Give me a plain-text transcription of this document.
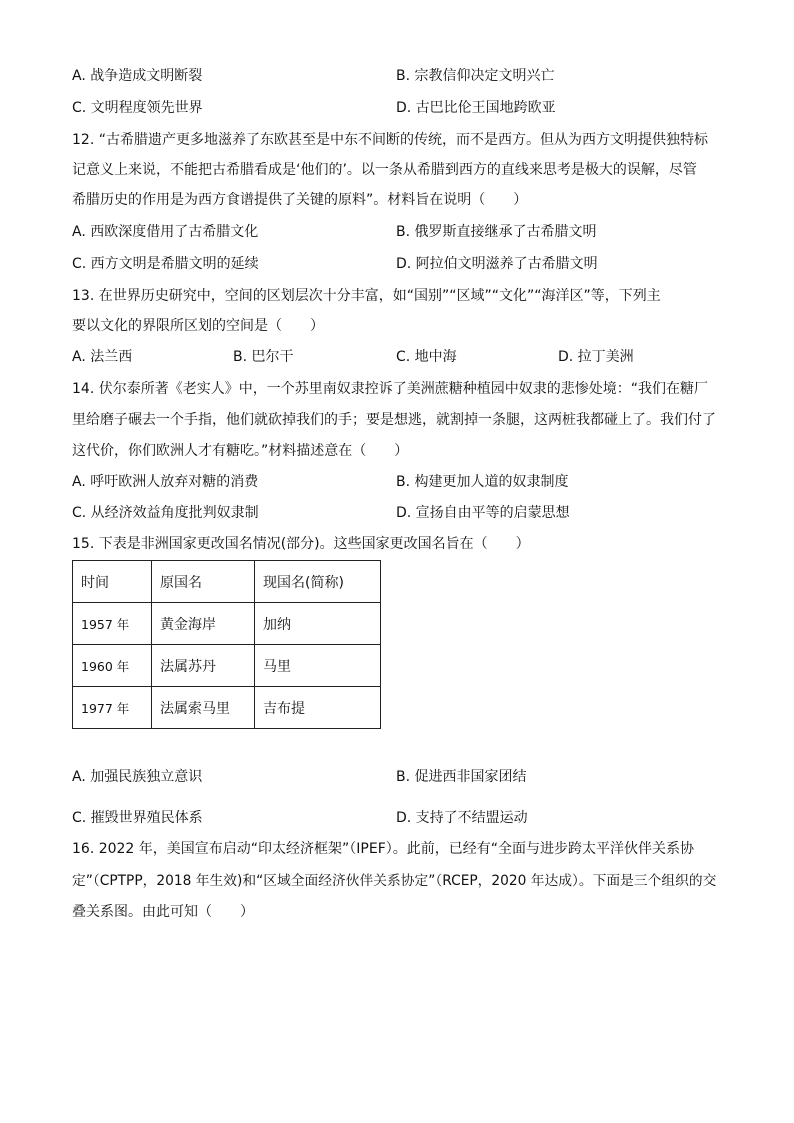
A. 战争造成文明断裂	B. 宗教信仰决定文明兴亡
C. 文明程度领先世界	D. 古巴比伦王国地跨欧亚
12. “古希腊遗产更多地滋养了东欧甚至是中东不间断的传统，而不是西方。但从为西方文明提供独特标
记意义上来说，不能把古希腊看成是‘他们的’。以一条从希腊到西方的直线来思考是极大的误解，尽管
希腊历史的作用是为西方食谱提供了关键的原料”。材料旨在说明（　　）
A. 西欧深度借用了古希腊文化	B. 俄罗斯直接继承了古希腊文明
C. 西方文明是希腊文明的延续	D. 阿拉伯文明滋养了古希腊文明
13. 在世界历史研究中，空间的区划层次十分丰富，如“国别”“区域”“文化”“海洋区”等，下列主
要以文化的界限所区划的空间是（　　）
A. 法兰西	B. 巴尔干	C. 地中海	D. 拉丁美洲
14. 伏尔泰所著《老实人》中，一个苏里南奴隶控诉了美洲蔗糖种植园中奴隶的悲惨处境：“我们在糖厂
里给磨子碾去一个手指，他们就砍掉我们的手；要是想逃，就割掉一条腿，这两桩我都碰上了。我们付了
这代价，你们欧洲人才有糖吃。”材料描述意在（　　）
A. 呼吁欧洲人放弃对糖的消费	B. 构建更加人道的奴隶制度
C. 从经济效益角度批判奴隶制	D. 宣扬自由平等的启蒙思想
15. 下表是非洲国家更改国名情况(部分)。这些国家更改国名旨在（　　）
时间	原国名	现国名(简称)
1957 年	黄金海岸	加纳
1960 年	法属苏丹	马里
1977 年	法属索马里	吉布提
A. 加强民族独立意识	B. 促进西非国家团结
C. 摧毁世界殖民体系	D. 支持了不结盟运动
16. 2022 年，美国宣布启动“印太经济框架”（IPEF）。此前，已经有“全面与进步跨太平洋伙伴关系协
定”（CPTPP，2018 年生效)和“区域全面经济伙伴关系协定”（RCEP，2020 年达成）。下面是三个组织的交
叠关系图。由此可知（　　）
